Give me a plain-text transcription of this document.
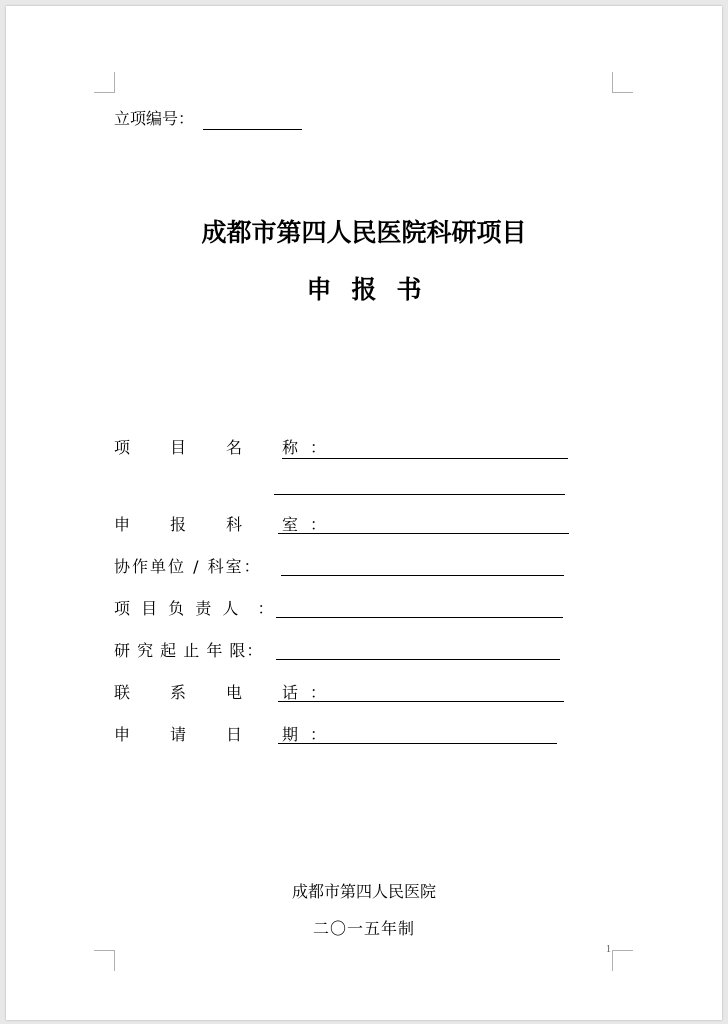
立项编号：
成都市第四人民医院科研项目
申报书
项　目　名　称：
申　报　科　室：
协作单位 / 科室：
项 目 负 责 人  ：
研 究 起 止 年 限：
联　系　电　话：
申　请　日　期：
成都市第四人民医院
二〇一五年制
1
